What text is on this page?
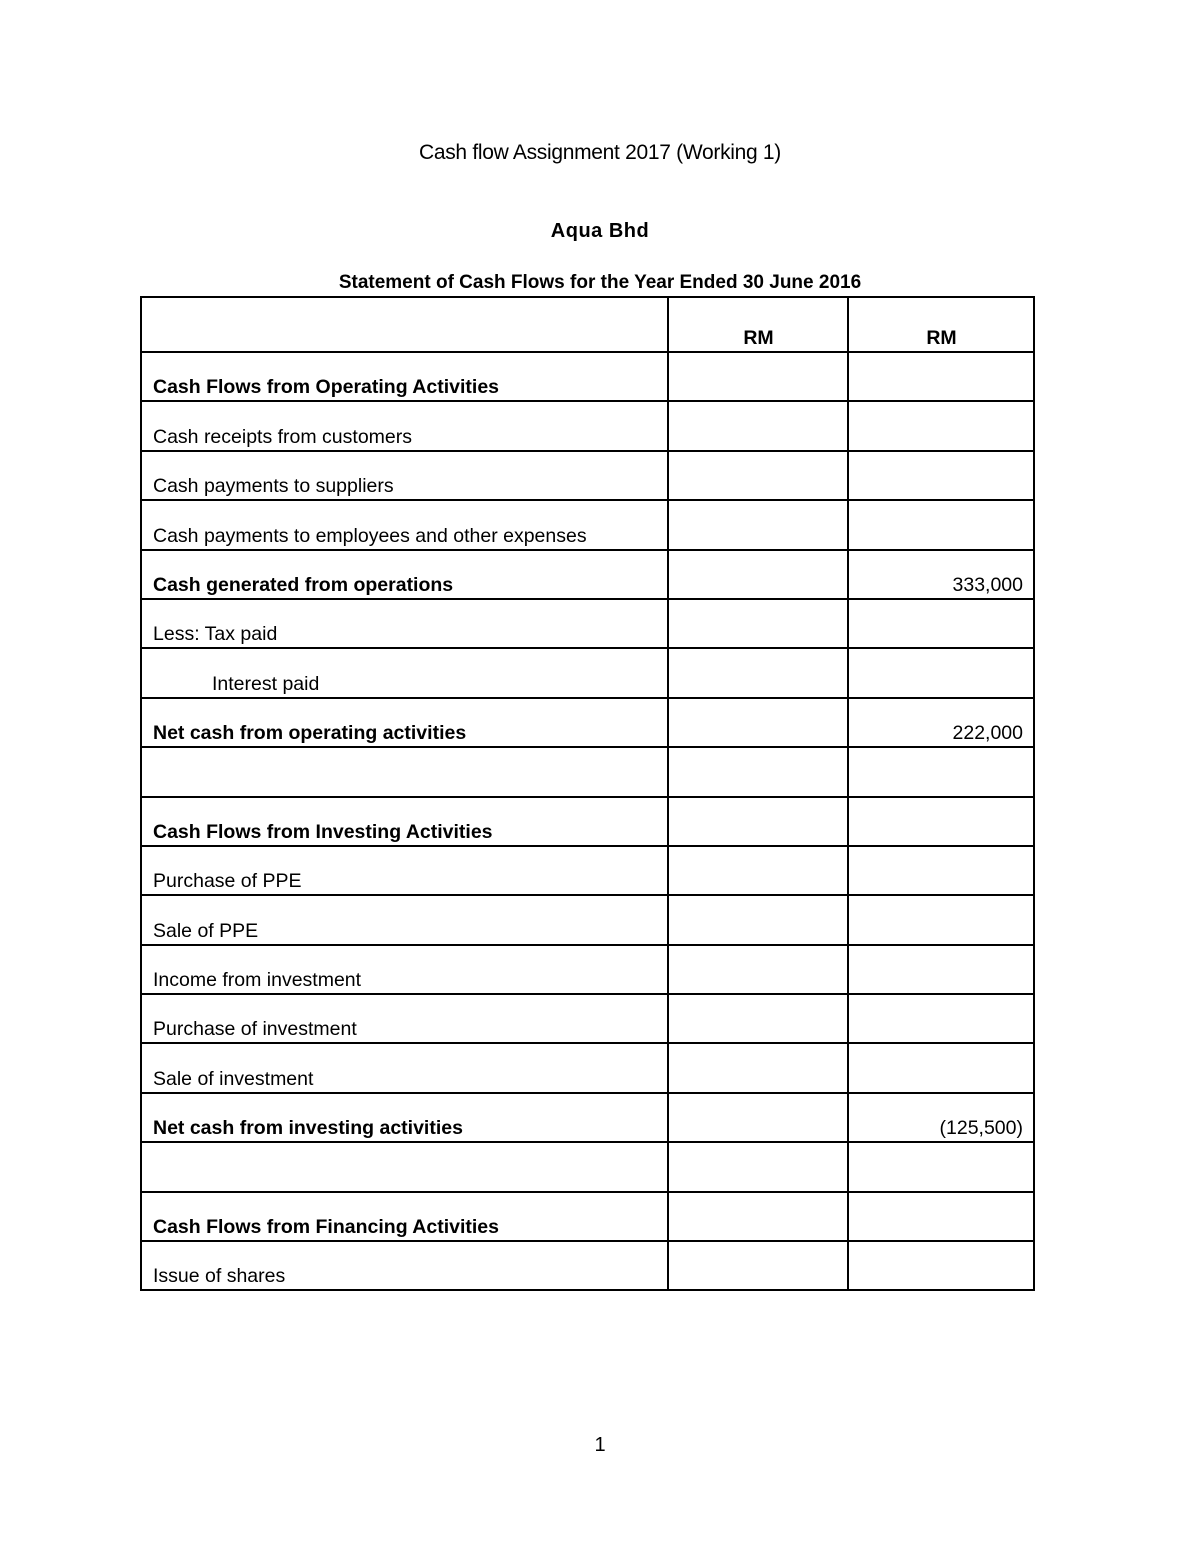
Cash flow Assignment 2017 (Working 1)
Aqua Bhd
Statement of Cash Flows for the Year Ended 30 June 2016
	RM	RM
Cash Flows from Operating Activities		
Cash receipts from customers		
Cash payments to suppliers		
Cash payments to employees and other expenses		
Cash generated from operations		333,000
Less: Tax paid		
Interest paid		
Net cash from operating activities		222,000

Cash Flows from Investing Activities		
Purchase of PPE		
Sale of PPE		
Income from investment		
Purchase of investment		
Sale of investment		
Net cash from investing activities		(125,500)

Cash Flows from Financing Activities		
Issue of shares		
1
